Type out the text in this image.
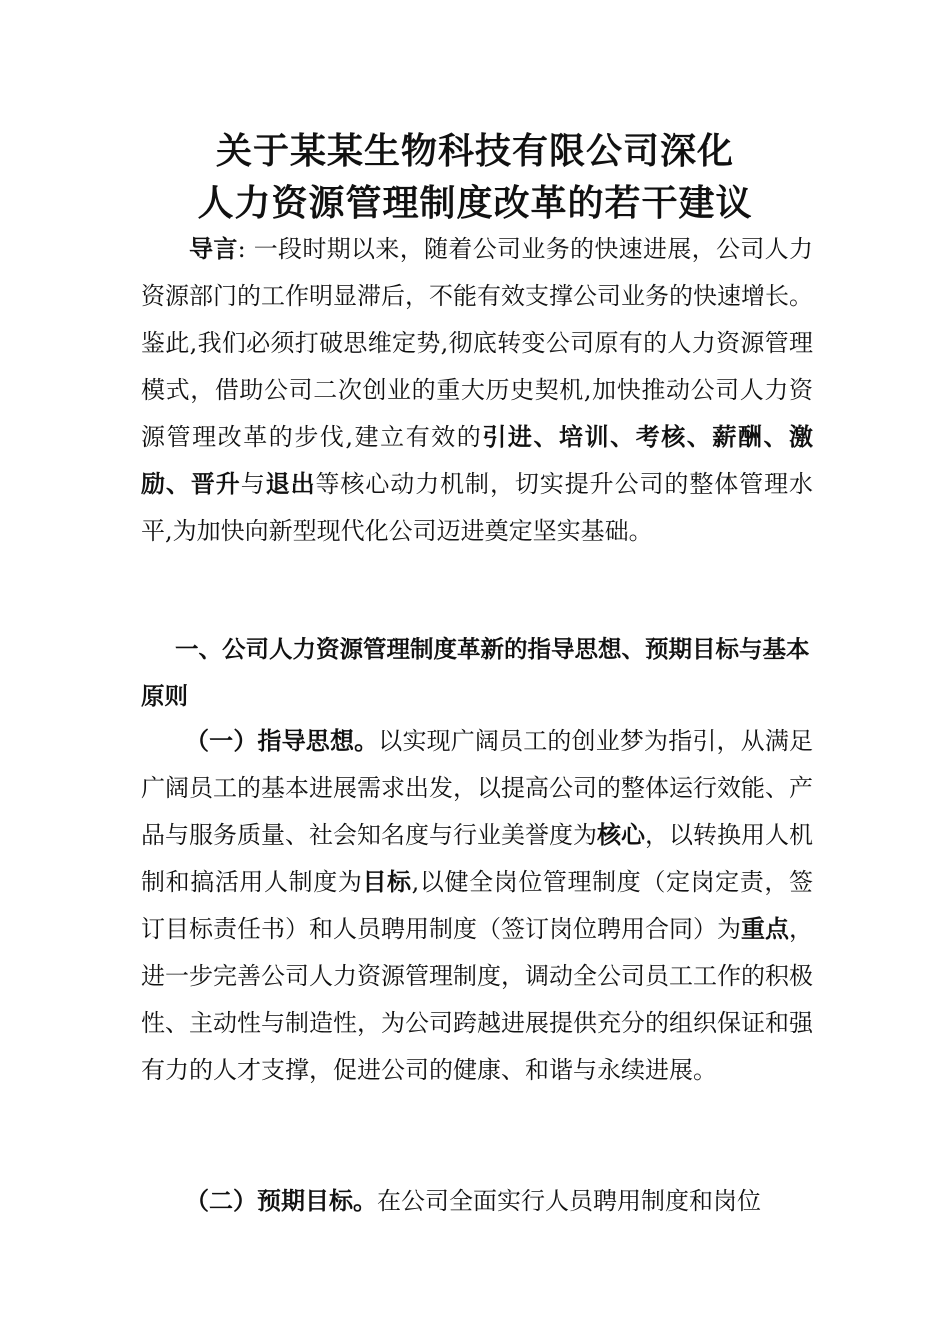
关于某某生物科技有限公司深化
人力资源管理制度改革的若干建议
导言: 一段时期以来，随着公司业务的快速进展，公司人力资源部门的工作明显滞后，不能有效支撑公司业务的快速增长。鉴此,我们必须打破思维定势,彻底转变公司原有的人力资源管理模式，借助公司二次创业的重大历史契机,加快推动公司人力资源管理改革的步伐,建立有效的引进、培训、考核、薪酬、激励、晋升与退出等核心动力机制，切实提升公司的整体管理水平,为加快向新型现代化公司迈进奠定坚实基础。
一、公司人力资源管理制度革新的指导思想、预期目标与基本原则
（一）指导思想。以实现广阔员工的创业梦为指引，从满足广阔员工的基本进展需求出发，以提高公司的整体运行效能、产品与服务质量、社会知名度与行业美誉度为核心，以转换用人机制和搞活用人制度为目标,以健全岗位管理制度（定岗定责，签订目标责任书）和人员聘用制度（签订岗位聘用合同）为重点，进一步完善公司人力资源管理制度，调动全公司员工工作的积极性、主动性与制造性，为公司跨越进展提供充分的组织保证和强有力的人才支撑，促进公司的健康、和谐与永续进展。
（二）预期目标。在公司全面实行人员聘用制度和岗位
